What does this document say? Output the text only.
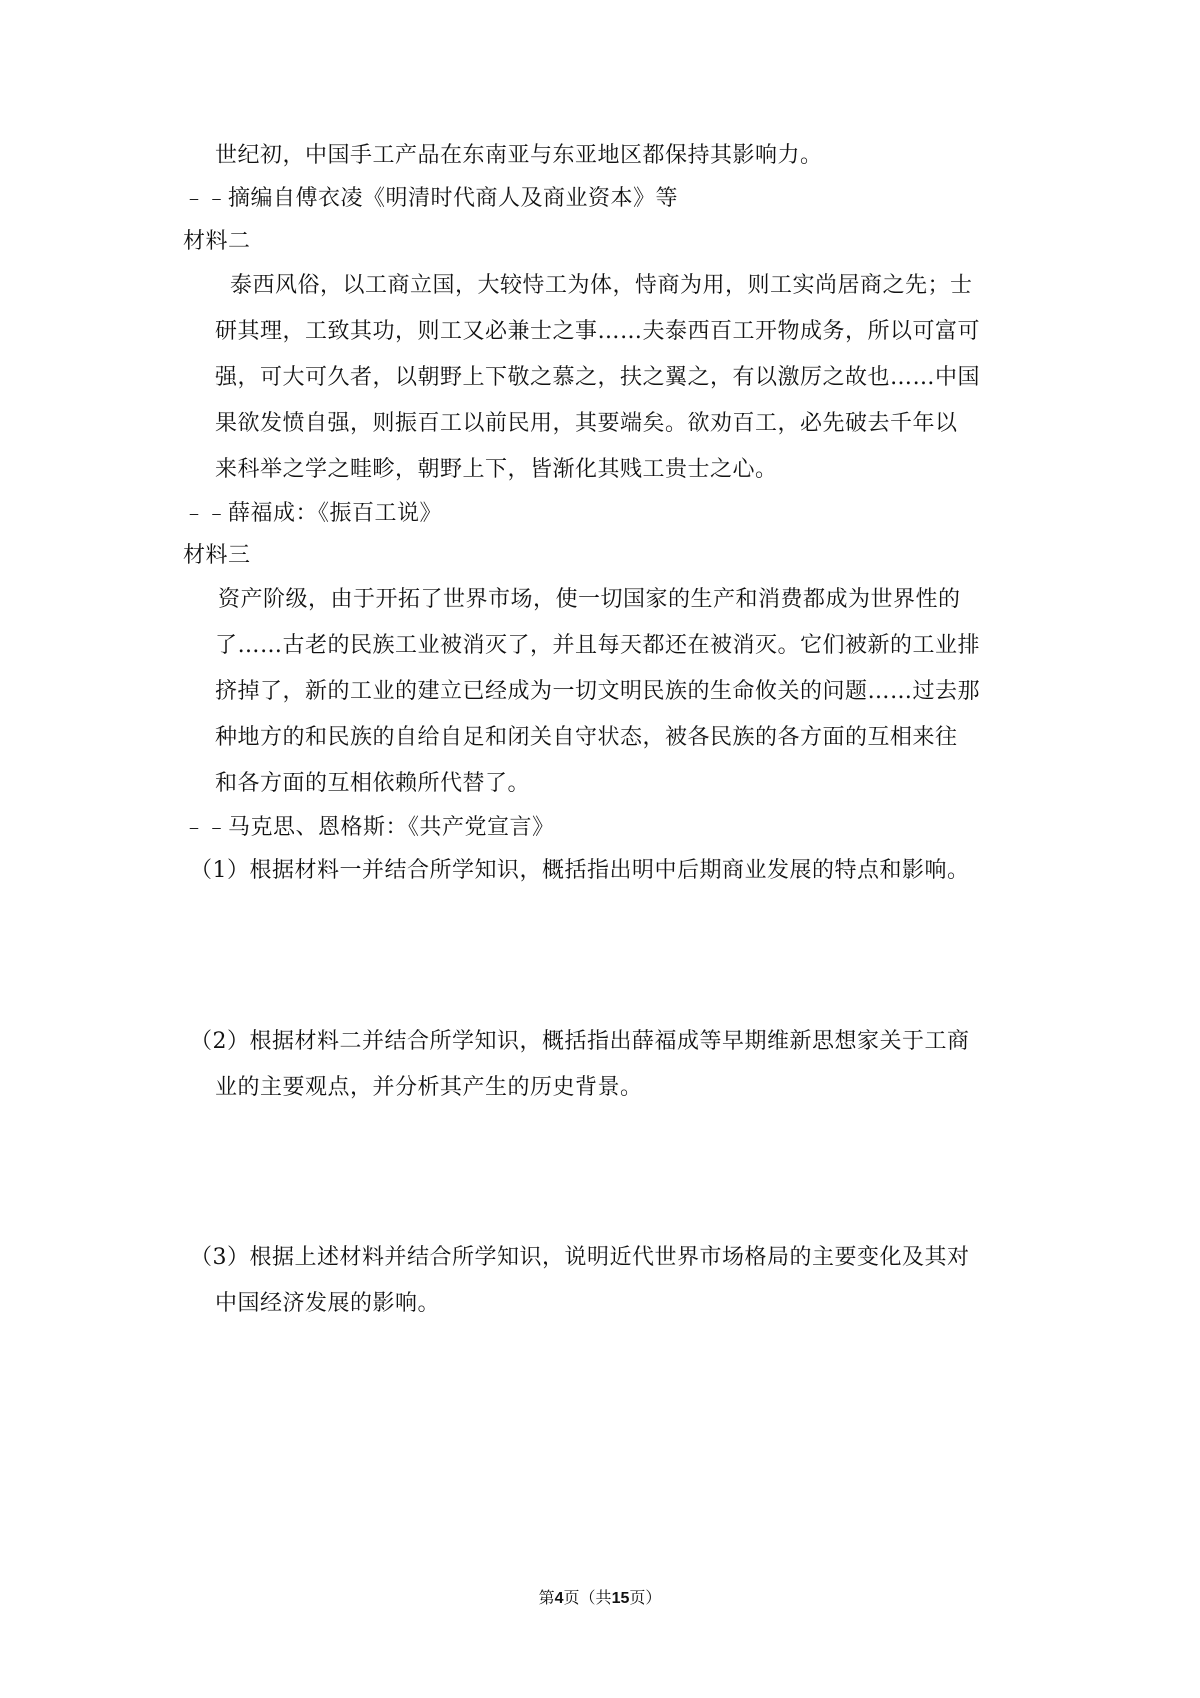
世纪初，中国手工产品在东南亚与东亚地区都保持其影响力。
﹣﹣摘编自傅衣凌《明清时代商人及商业资本》等
材料二
泰西风俗，以工商立国，大较恃工为体，恃商为用，则工实尚居商之先；士
研其理，工致其功，则工又必兼士之事……夫泰西百工开物成务，所以可富可
强，可大可久者，以朝野上下敬之慕之，扶之翼之，有以激厉之故也……中国
果欲发愤自强，则振百工以前民用，其要端矣。欲劝百工，必先破去千年以
来科举之学之畦畛，朝野上下，皆渐化其贱工贵士之心。
﹣﹣薛福成：《振百工说》
材料三
资产阶级，由于开拓了世界市场，使一切国家的生产和消费都成为世界性的
了……古老的民族工业被消灭了，并且每天都还在被消灭。它们被新的工业排
挤掉了，新的工业的建立已经成为一切文明民族的生命攸关的问题……过去那
种地方的和民族的自给自足和闭关自守状态，被各民族的各方面的互相来往
和各方面的互相依赖所代替了。
﹣﹣马克思、恩格斯：《共产党宣言》
（1）根据材料一并结合所学知识，概括指出明中后期商业发展的特点和影响。
（2）根据材料二并结合所学知识，概括指出薛福成等早期维新思想家关于工商
业的主要观点，并分析其产生的历史背景。
（3）根据上述材料并结合所学知识，说明近代世界市场格局的主要变化及其对
中国经济发展的影响。
第4页（共15页）
